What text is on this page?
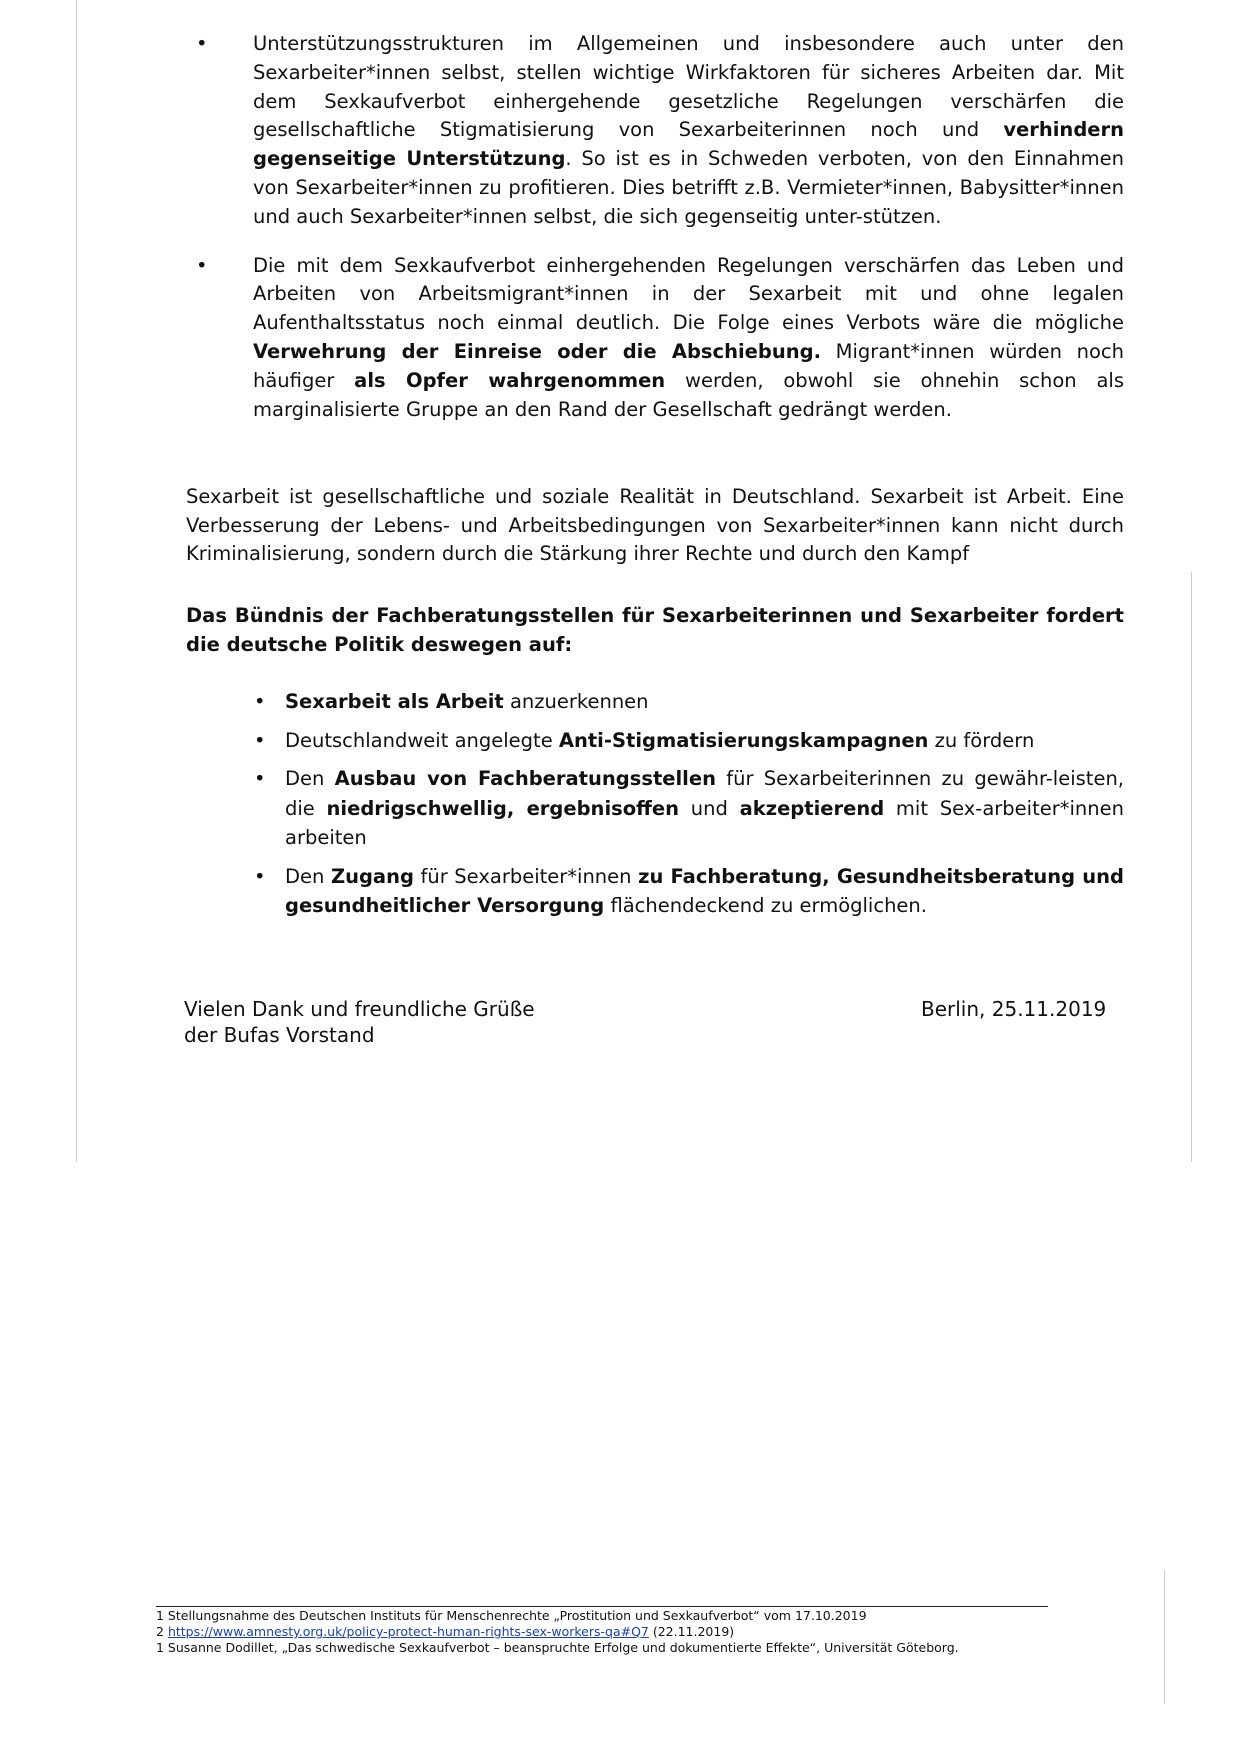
• Unterstützungsstrukturen im Allgemeinen und insbesondere auch unter den Sexarbeiter*innen selbst, stellen wichtige Wirkfaktoren für sicheres Arbeiten dar. Mit dem Sexkaufverbot einhergehende gesetzliche Regelungen verschärfen die gesellschaftliche Stigmatisierung von Sexarbeiterinnen noch und verhindern gegenseitige Unterstützung. So ist es in Schweden verboten, von den Einnahmen von Sexarbeiter*innen zu profitieren. Dies betrifft z.B. Vermieter*innen, Babysitter*innen und auch Sexarbeiter*innen selbst, die sich gegenseitig unter-stützen.
• Die mit dem Sexkaufverbot einhergehenden Regelungen verschärfen das Leben und Arbeiten von Arbeitsmigrant*innen in der Sexarbeit mit und ohne legalen Aufenthaltsstatus noch einmal deutlich. Die Folge eines Verbots wäre die mögliche Verwehrung der Einreise oder die Abschiebung. Migrant*innen würden noch häufiger als Opfer wahrgenommen werden, obwohl sie ohnehin schon als marginalisierte Gruppe an den Rand der Gesellschaft gedrängt werden.

Sexarbeit ist gesellschaftliche und soziale Realität in Deutschland. Sexarbeit ist Arbeit. Eine Verbesserung der Lebens- und Arbeitsbedingungen von Sexarbeiter*innen kann nicht durch Kriminalisierung, sondern durch die Stärkung ihrer Rechte und durch den Kampf

Das Bündnis der Fachberatungsstellen für Sexarbeiterinnen und Sexarbeiter fordert die deutsche Politik deswegen auf:

• Sexarbeit als Arbeit anzuerkennen
• Deutschlandweit angelegte Anti-Stigmatisierungskampagnen zu fördern
• Den Ausbau von Fachberatungsstellen für Sexarbeiterinnen zu gewähr-leisten, die niedrigschwellig, ergebnisoffen und akzeptierend mit Sex-arbeiter*innen arbeiten
• Den Zugang für Sexarbeiter*innen zu Fachberatung, Gesundheitsberatung und gesundheitlicher Versorgung flächendeckend zu ermöglichen.
Vielen Dank und freundliche Grüße
der Bufas Vorstand
Berlin, 25.11.2019
1 Stellungsnahme des Deutschen Instituts für Menschenrechte „Prostitution und Sexkaufverbot“ vom 17.10.2019
2 https://www.amnesty.org.uk/policy-protect-human-rights-sex-workers-qa#Q7 (22.11.2019)
1 Susanne Dodillet, „Das schwedische Sexkaufverbot – beanspruchte Erfolge und dokumentierte Effekte“, Universität Göteborg.
